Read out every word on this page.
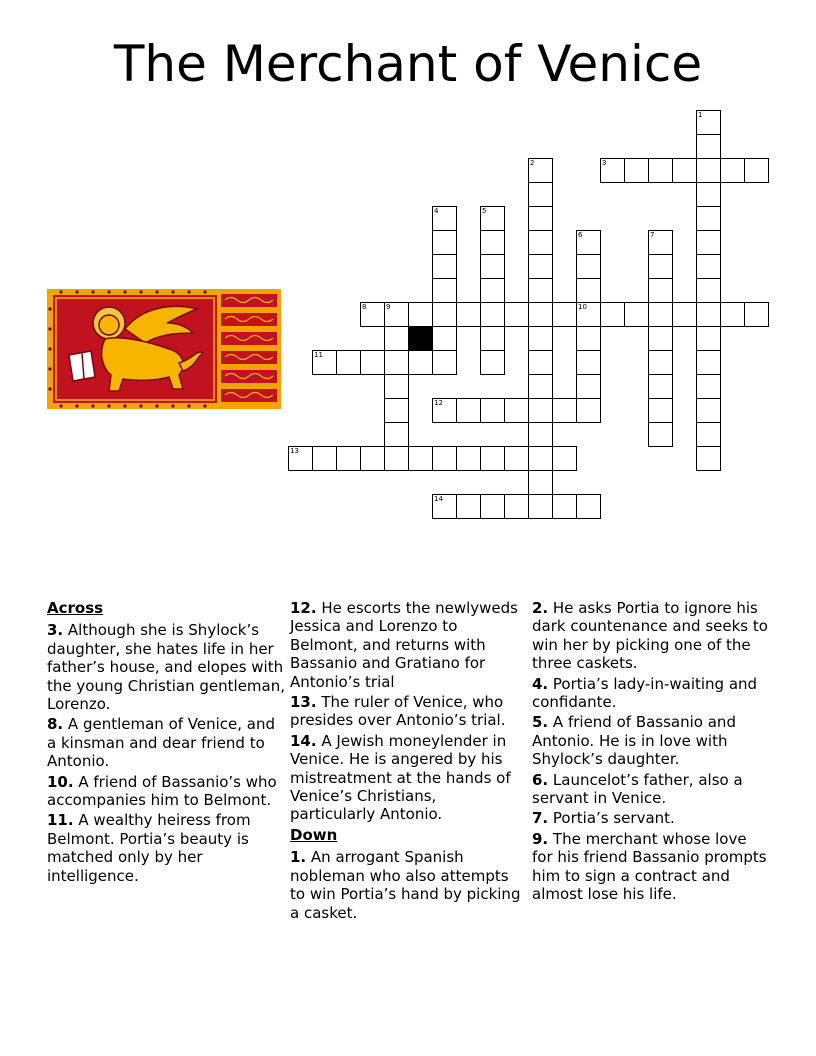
The Merchant of Venice
1
2	3
4	5
6
10
7
8	9
11
12
13
14
Across
3. Although she is Shylock’s daughter, she hates life in her father’s house, and elopes with the young Christian gentleman, Lorenzo.
8. A gentleman of Venice, and a kinsman and dear friend to Antonio.
10. A friend of Bassanio’s who accompanies him to Belmont.
11. A wealthy heiress from Belmont. Portia’s beauty is matched only by her intelligence.
12. He escorts the newlyweds Jessica and Lorenzo to Belmont, and returns with Bassanio and Gratiano for Antonio’s trial
13. The ruler of Venice, who presides over Antonio’s trial.
14. A Jewish moneylender in Venice. He is angered by his mistreatment at the hands of Venice’s Christians, particularly Antonio.
Down
1. An arrogant Spanish nobleman who also attempts to win Portia’s hand by picking a casket.
2. He asks Portia to ignore his dark countenance and seeks to win her by picking one of the three caskets.
4. Portia’s lady-in-waiting and confidante.
5. A friend of Bassanio and Antonio. He is in love with Shylock’s daughter.
6. Launcelot’s father, also a servant in Venice.
7. Portia’s servant.
9. The merchant whose love for his friend Bassanio prompts him to sign a contract and almost lose his life.
